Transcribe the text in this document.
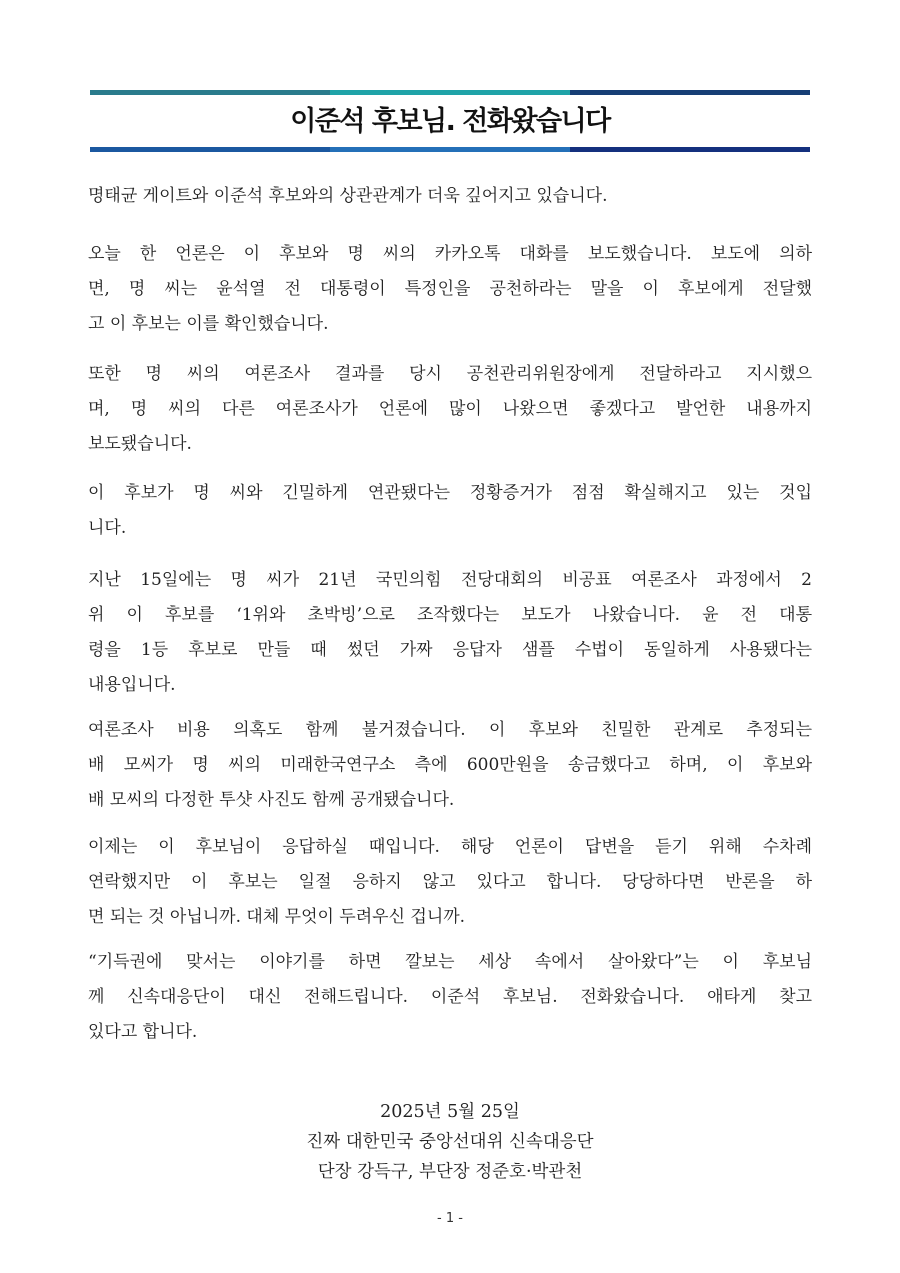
이준석 후보님. 전화왔습니다
명태균 게이트와 이준석 후보와의 상관관계가 더욱 깊어지고 있습니다.
오늘 한 언론은 이 후보와 명 씨의 카카오톡 대화를 보도했습니다. 보도에 의하
면, 명 씨는 윤석열 전 대통령이 특정인을 공천하라는 말을 이 후보에게 전달했
고 이 후보는 이를 확인했습니다.
또한 명 씨의 여론조사 결과를 당시 공천관리위원장에게 전달하라고 지시했으
며, 명 씨의 다른 여론조사가 언론에 많이 나왔으면 좋겠다고 발언한 내용까지
보도됐습니다.
이 후보가 명 씨와 긴밀하게 연관됐다는 정황증거가 점점 확실해지고 있는 것입
니다.
지난 15일에는 명 씨가 21년 국민의힘 전당대회의 비공표 여론조사 과정에서 2
위 이 후보를 ‘1위와 초박빙’으로 조작했다는 보도가 나왔습니다. 윤 전 대통
령을 1등 후보로 만들 때 썼던 가짜 응답자 샘플 수법이 동일하게 사용됐다는
내용입니다.
여론조사 비용 의혹도 함께 불거졌습니다. 이 후보와 친밀한 관계로 추정되는
배 모씨가 명 씨의 미래한국연구소 측에 600만원을 송금했다고 하며, 이 후보와
배 모씨의 다정한 투샷 사진도 함께 공개됐습니다.
이제는 이 후보님이 응답하실 때입니다. 해당 언론이 답변을 듣기 위해 수차례
연락했지만 이 후보는 일절 응하지 않고 있다고 합니다. 당당하다면 반론을 하
면 되는 것 아닙니까. 대체 무엇이 두려우신 겁니까.
“기득권에 맞서는 이야기를 하면 깔보는 세상 속에서 살아왔다”는 이 후보님
께 신속대응단이 대신 전해드립니다. 이준석 후보님. 전화왔습니다. 애타게 찾고
있다고 합니다.
2025년 5월 25일
진짜 대한민국 중앙선대위 신속대응단
단장 강득구, 부단장 정준호·박관천
- 1 -
